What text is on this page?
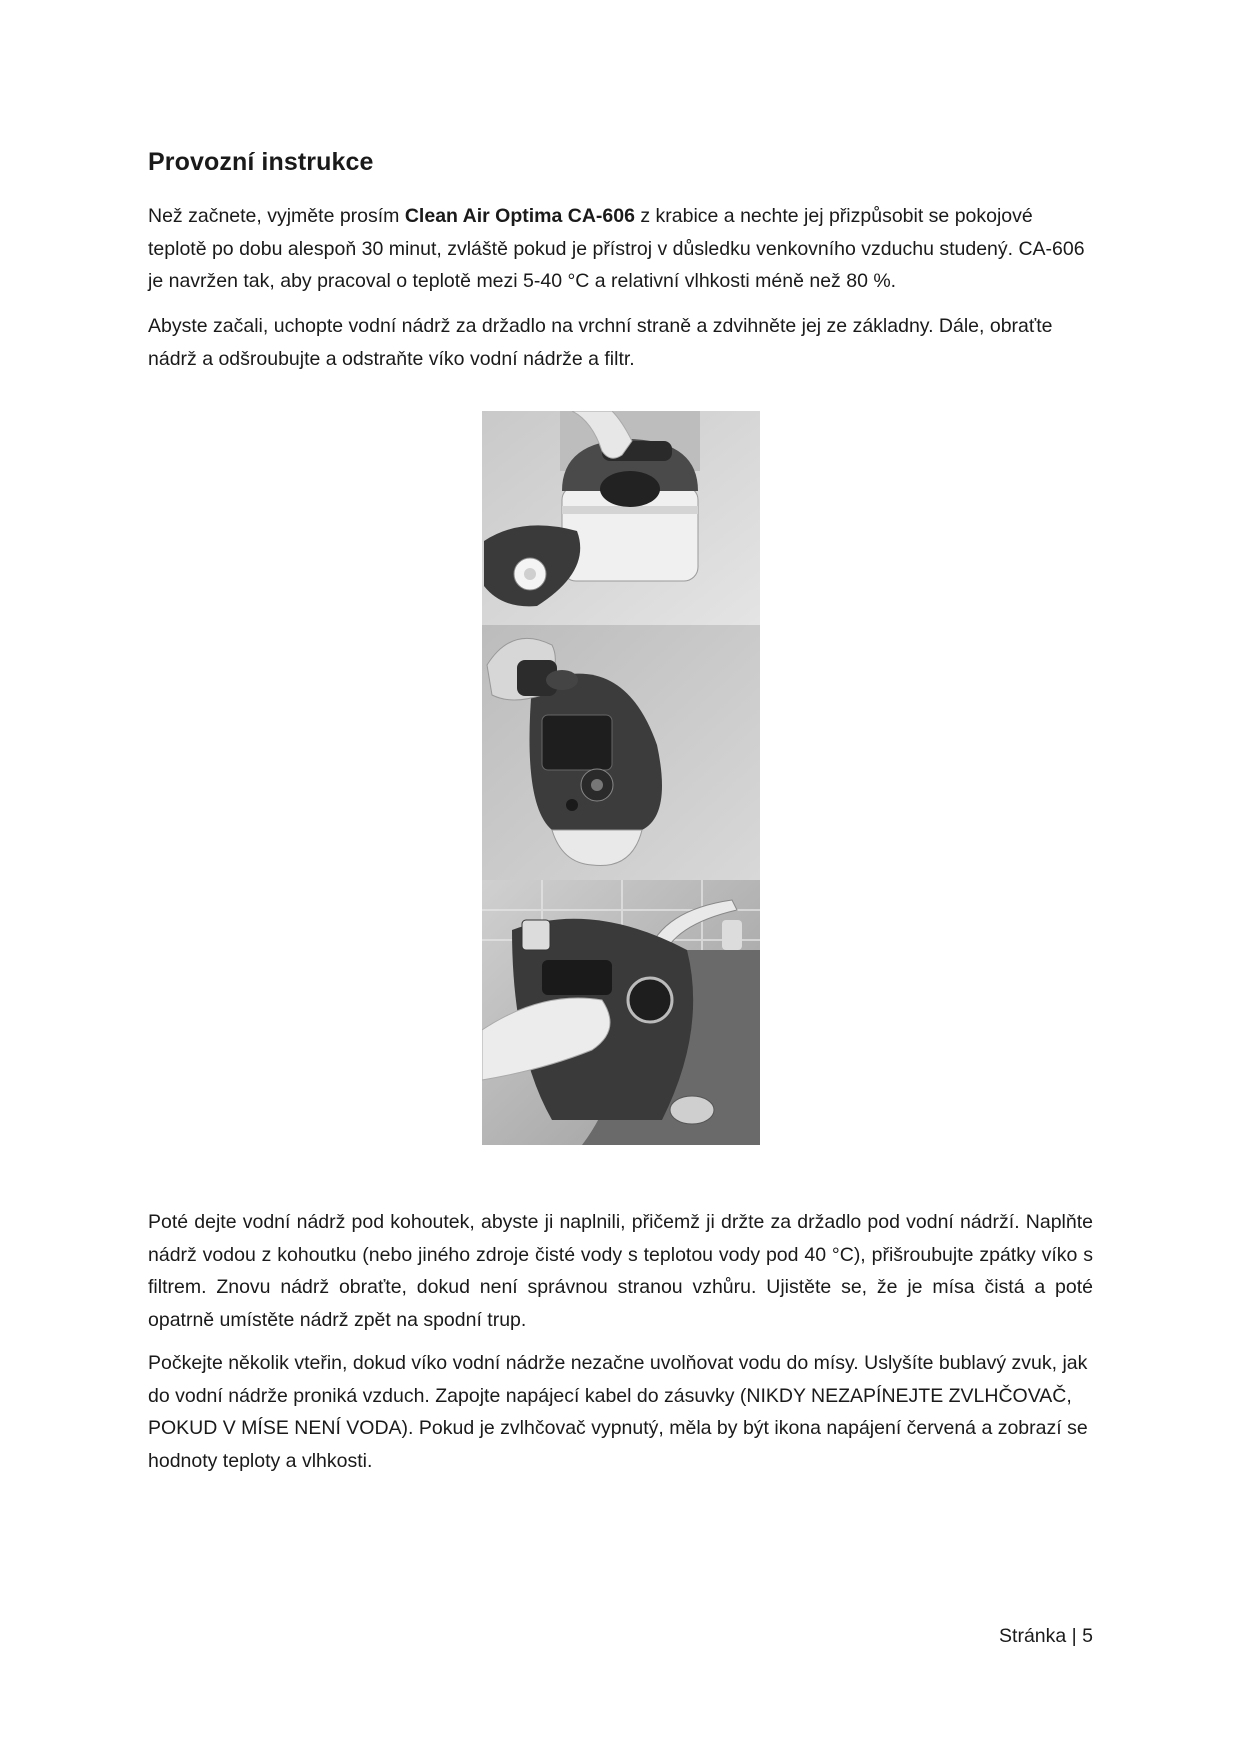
Provozní instrukce

Než začnete, vyjměte prosím Clean Air Optima CA-606 z krabice a nechte jej přizpůsobit se pokojové teplotě po dobu alespoň 30 minut, zvláště pokud je přístroj v důsledku venkovního vzduchu studený. CA-606 je navržen tak, aby pracoval o teplotě mezi 5-40 °C a relativní vlhkosti méně než 80 %.

Abyste začali, uchopte vodní nádrž za držadlo na vrchní straně a zdvihněte jej ze základny. Dále, obraťte nádrž a odšroubujte a odstraňte víko vodní nádrže a filtr.

Poté dejte vodní nádrž pod kohoutek, abyste ji naplnili, přičemž ji držte za držadlo pod vodní nádrží. Naplňte nádrž vodou z kohoutku (nebo jiného zdroje čisté vody s teplotou vody pod 40 °C), přišroubujte zpátky víko s filtrem. Znovu nádrž obraťte, dokud není správnou stranou vzhůru. Ujistěte se, že je mísa čistá a poté opatrně umístěte nádrž zpět na spodní trup.

Počkejte několik vteřin, dokud víko vodní nádrže nezačne uvolňovat vodu do mísy. Uslyšíte bublavý zvuk, jak do vodní nádrže proniká vzduch. Zapojte napájecí kabel do zásuvky (NIKDY NEZAPÍNEJTE ZVLHČOVAČ, POKUD V MÍSE NENÍ VODA). Pokud je zvlhčovač vypnutý, měla by být ikona napájení červená a zobrazí se hodnoty teploty a vlhkosti.

Stránka | 5
